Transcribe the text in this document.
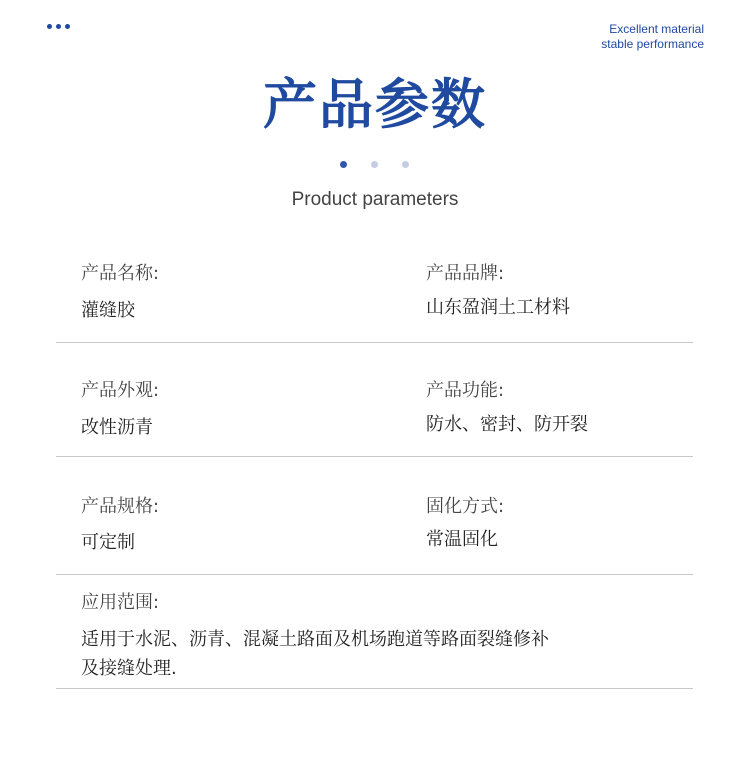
Excellent material
stable performance
产品参数
Product parameters
产品名称:
灌缝胶
产品品牌:
山东盈润土工材料
产品外观:
改性沥青
产品功能:
防水、密封、防开裂
产品规格:
可定制
固化方式:
常温固化
应用范围:
适用于水泥、沥青、混凝土路面及机场跑道等路面裂缝修补
及接缝处理.
